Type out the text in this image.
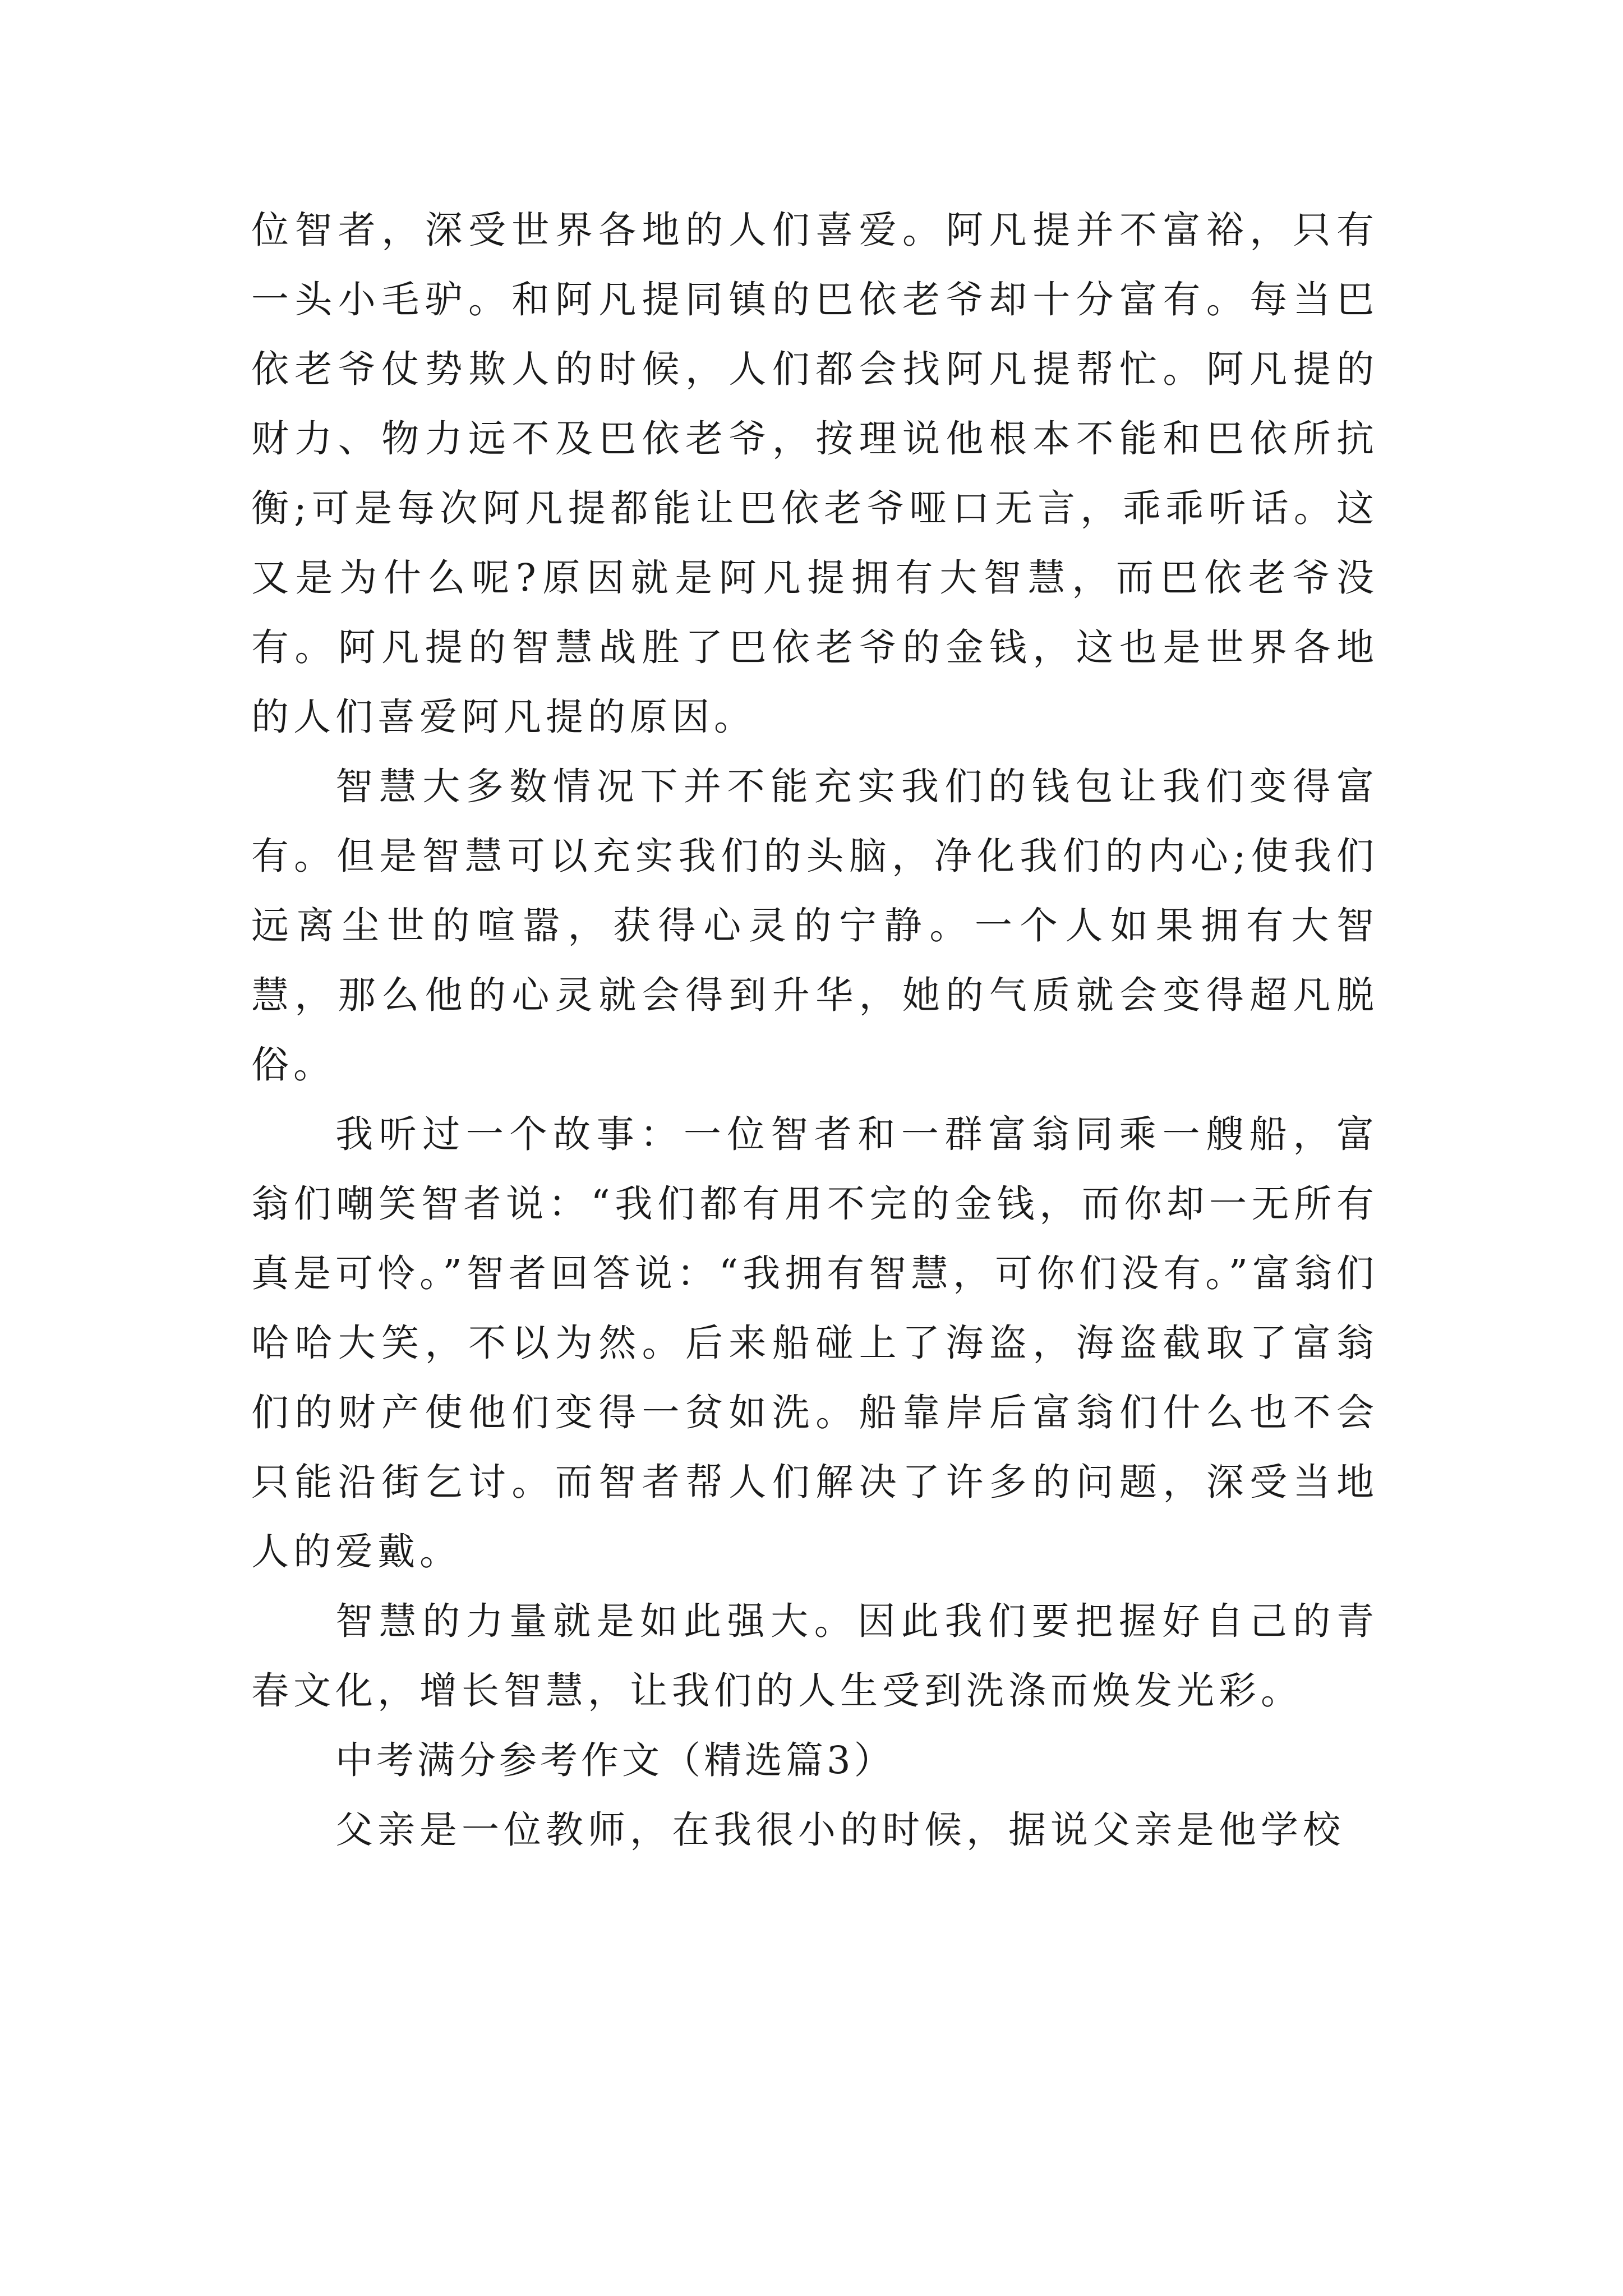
位智者，深受世界各地的人们喜爱。阿凡提并不富裕，只有一头小毛驴。和阿凡提同镇的巴依老爷却十分富有。每当巴依老爷仗势欺人的时候，人们都会找阿凡提帮忙。阿凡提的财力、物力远不及巴依老爷，按理说他根本不能和巴依所抗衡;可是每次阿凡提都能让巴依老爷哑口无言，乖乖听话。这又是为什么呢?原因就是阿凡提拥有大智慧，而巴依老爷没有。阿凡提的智慧战胜了巴依老爷的金钱，这也是世界各地的人们喜爱阿凡提的原因。

智慧大多数情况下并不能充实我们的钱包让我们变得富有。但是智慧可以充实我们的头脑，净化我们的内心;使我们远离尘世的喧嚣，获得心灵的宁静。一个人如果拥有大智慧，那么他的心灵就会得到升华，她的气质就会变得超凡脱俗。

我听过一个故事：一位智者和一群富翁同乘一艘船，富翁们嘲笑智者说：“我们都有用不完的金钱，而你却一无所有真是可怜。”智者回答说：“我拥有智慧，可你们没有。”富翁们哈哈大笑，不以为然。后来船碰上了海盗，海盗截取了富翁们的财产使他们变得一贫如洗。船靠岸后富翁们什么也不会只能沿街乞讨。而智者帮人们解决了许多的问题，深受当地人的爱戴。

智慧的力量就是如此强大。因此我们要把握好自己的青春文化，增长智慧，让我们的人生受到洗涤而焕发光彩。

中考满分参考作文（精选篇3）

父亲是一位教师，在我很小的时候，据说父亲是他学校
